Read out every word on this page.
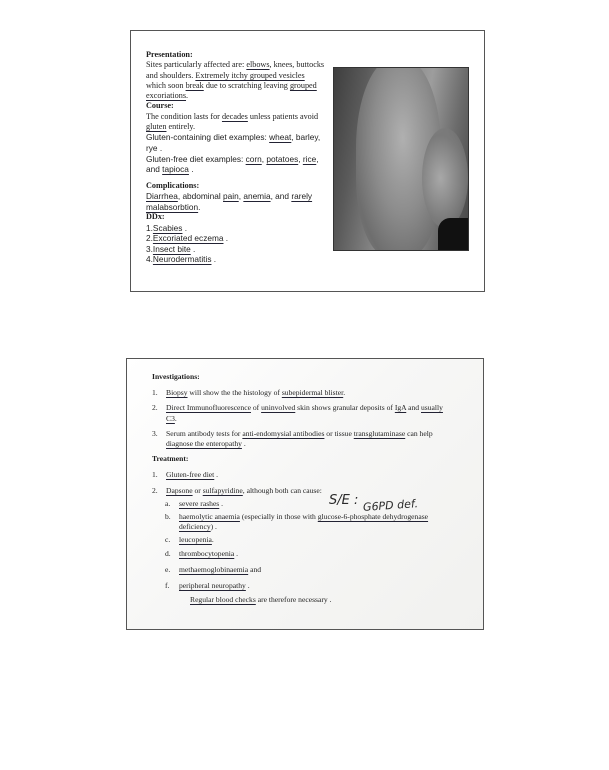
Presentation:
Sites particularly affected are: elbows, knees, buttocks and shoulders. Extremely itchy grouped vesicles which soon break due to scratching leaving grouped excoriations.
Course:
The condition lasts for decades unless patients avoid gluten entirely.
Gluten-containing diet examples: wheat, barley, rye .
Gluten-free diet examples: corn, potatoes, rice, and tapioca .
Complications:
Diarrhea, abdominal pain, anemia, and rarely malabsorbtion.
DDx:
1.Scabies .
2.Excoriated eczema .
3.Insect bite .
4.Neurodermatitis .
Investigations:
1. Biopsy will show the the histology of subepidermal blister.
2. Direct Immunofluorescence of uninvolved skin shows granular deposits of IgA and usually C3.
3. Serum antibody tests for anti-endomysial antibodies or tissue transglutaminase can help diagnose the enteropathy .
Treatment:
1. Gluten-free diet .
2. Dapsone or sulfapyridine, although both can cause:
a. severe rashes .
b. haemolytic anaemia (especially in those with glucose-6-phosphate dehydrogenase deficiency) .
c. leucopenia.
d. thrombocytopenia .
e. methaemoglobinaemia and
f. peripheral neuropathy .
Regular blood checks are therefore necessary .
S/E : G6PD def.
